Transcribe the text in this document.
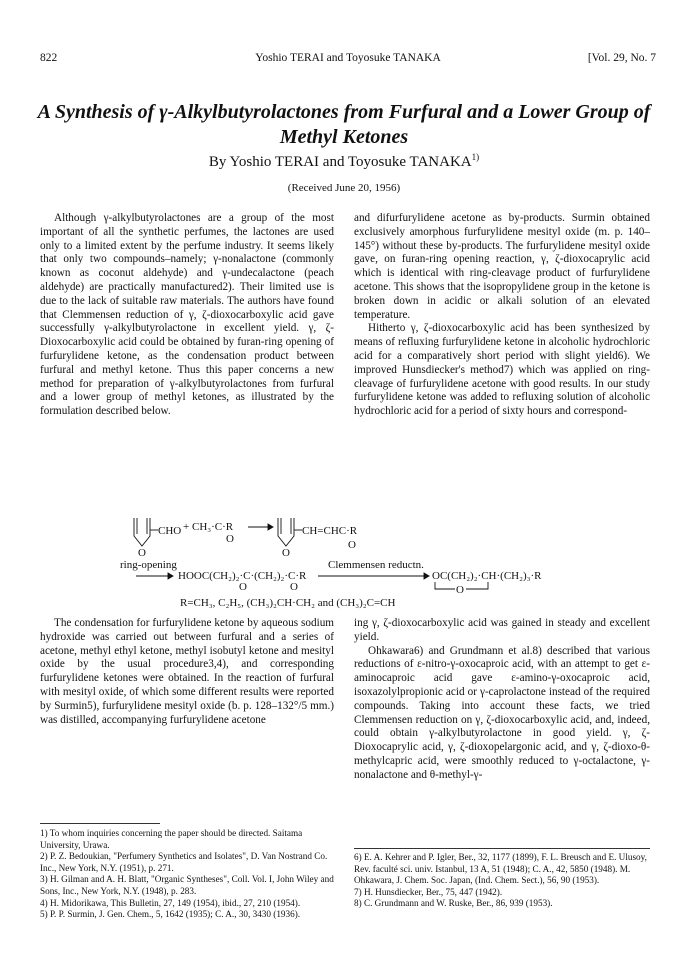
822	Yoshio TERAI and Toyosuke TANAKA	[Vol. 29, No. 7
A Synthesis of γ-Alkylbutyrolactones from Furfural and a Lower Group of Methyl Ketones
By Yoshio TERAI and Toyosuke TANAKA$^{1)}$
(Received June 20, 1956)

Although γ-alkylbutyrolactones are a group of the most important of all the synthetic perfumes, the lactones are used only to a limited extent by the perfume industry. It seems likely that only two compounds–namely; γ-nonalactone (commonly known as coconut aldehyde) and γ-undecalactone (peach aldehyde) are practically manufactured2). Their limited use is due to the lack of suitable raw materials. The authors have found that Clemmensen reduction of γ, ζ-dioxocarboxylic acid gave successfully γ-alkylbutyrolactone in excellent yield. γ, ζ-Dioxocarboxylic acid could be obtained by furan-ring opening of furfurylidene ketone, as the condensation product between furfural and methyl ketone. Thus this paper concerns a new method for preparation of γ-alkylbutyrolactones from furfural and a lower group of methyl ketones, as illustrated by the formulation described below.

and difurfurylidene acetone as by-products. Surmin obtained exclusively amorphous furfurylidene mesityl oxide (m. p. 140–145°) without these by-products. The furfurylidene mesityl oxide gave, on furan-ring opening reaction, γ, ζ-dioxocaprylic acid which is identical with ring-cleavage product of furfurylidene acetone. This shows that the isopropylidene group in the ketone is broken down in acidic or alkali solution of an elevated temperature.

Hitherto γ, ζ-dioxocarboxylic acid has been synthesized by means of refluxing furfurylidene ketone in alcoholic hydrochloric acid for a comparatively short period with slight yield6). We improved Hunsdiecker's method7) which was applied on ring-cleavage of furfurylidene acetone with good results. In our study furfurylidene ketone was added to refluxing solution of alcoholic hydrochloric acid for a period of sixty hours and correspond-

O
CHO + CH₃·C·R
O
O
CH=CHC·R
O
ring-opening
HOOC(CH₂)₂·C·(CH₂)₂·C·R
O	O
Clemmensen reductn.
OC(CH₂)₂·CH·(CH₂)₃·R
O
R=CH₃, C₂H₅, (CH₃)₂CH·CH₂ and (CH₃)₂C=CH

The condensation for furfurylidene ketone by aqueous sodium hydroxide was carried out between furfural and a series of acetone, methyl ethyl ketone, methyl isobutyl ketone and mesityl oxide by the usual procedure3,4), and corresponding furfurylidene ketones were obtained. In the reaction of furfural with mesityl oxide, of which some different results were reported by Surmin5), furfurylidene mesityl oxide (b. p. 128–132°/5 mm.) was distilled, accompanying furfurylidene acetone

ing γ, ζ-dioxocarboxylic acid was gained in steady and excellent yield.

Ohkawara6) and Grundmann et al.8) described that various reductions of ε-nitro-γ-oxocaproic acid, with an attempt to get ε-aminocaproic acid gave ε-amino-γ-oxocaproic acid, isoxazolylpropionic acid or γ-caprolactone instead of the required compounds. Taking into account these facts, we tried Clemmensen reduction on γ, ζ-dioxocarboxylic acid, and, indeed, could obtain γ-alkylbutyrolactone in good yield. γ, ζ-Dioxocaprylic acid, γ, ζ-dioxopelargonic acid, and γ, ζ-dioxo-θ-methylcapric acid, were smoothly reduced to γ-octalactone, γ-nonalactone and θ-methyl-γ-

1) To whom inquiries concerning the paper should be directed. Saitama University, Urawa.
2) P. Z. Bedoukian, "Perfumery Synthetics and Isolates", D. Van Nostrand Co. Inc., New York, N.Y. (1951), p. 271.
3) H. Gilman and A. H. Blatt, "Organic Syntheses", Coll. Vol. I, John Wiley and Sons, Inc., New York, N.Y. (1948), p. 283.
4) H. Midorikawa, This Bulletin, 27, 149 (1954), ibid., 27, 210 (1954).
5) P. P. Surmin, J. Gen. Chem., 5, 1642 (1935); C. A., 30, 3430 (1936).
6) E. A. Kehrer and P. Igler, Ber., 32, 1177 (1899), F. L. Breusch and E. Ulusoy, Rev. faculté sci. univ. Istanbul, 13 A, 51 (1948); C. A., 42, 5850 (1948). M. Ohkawara, J. Chem. Soc. Japan, (Ind. Chem. Sect.), 56, 90 (1953).
7) H. Hunsdiecker, Ber., 75, 447 (1942).
8) C. Grundmann and W. Ruske, Ber., 86, 939 (1953).
